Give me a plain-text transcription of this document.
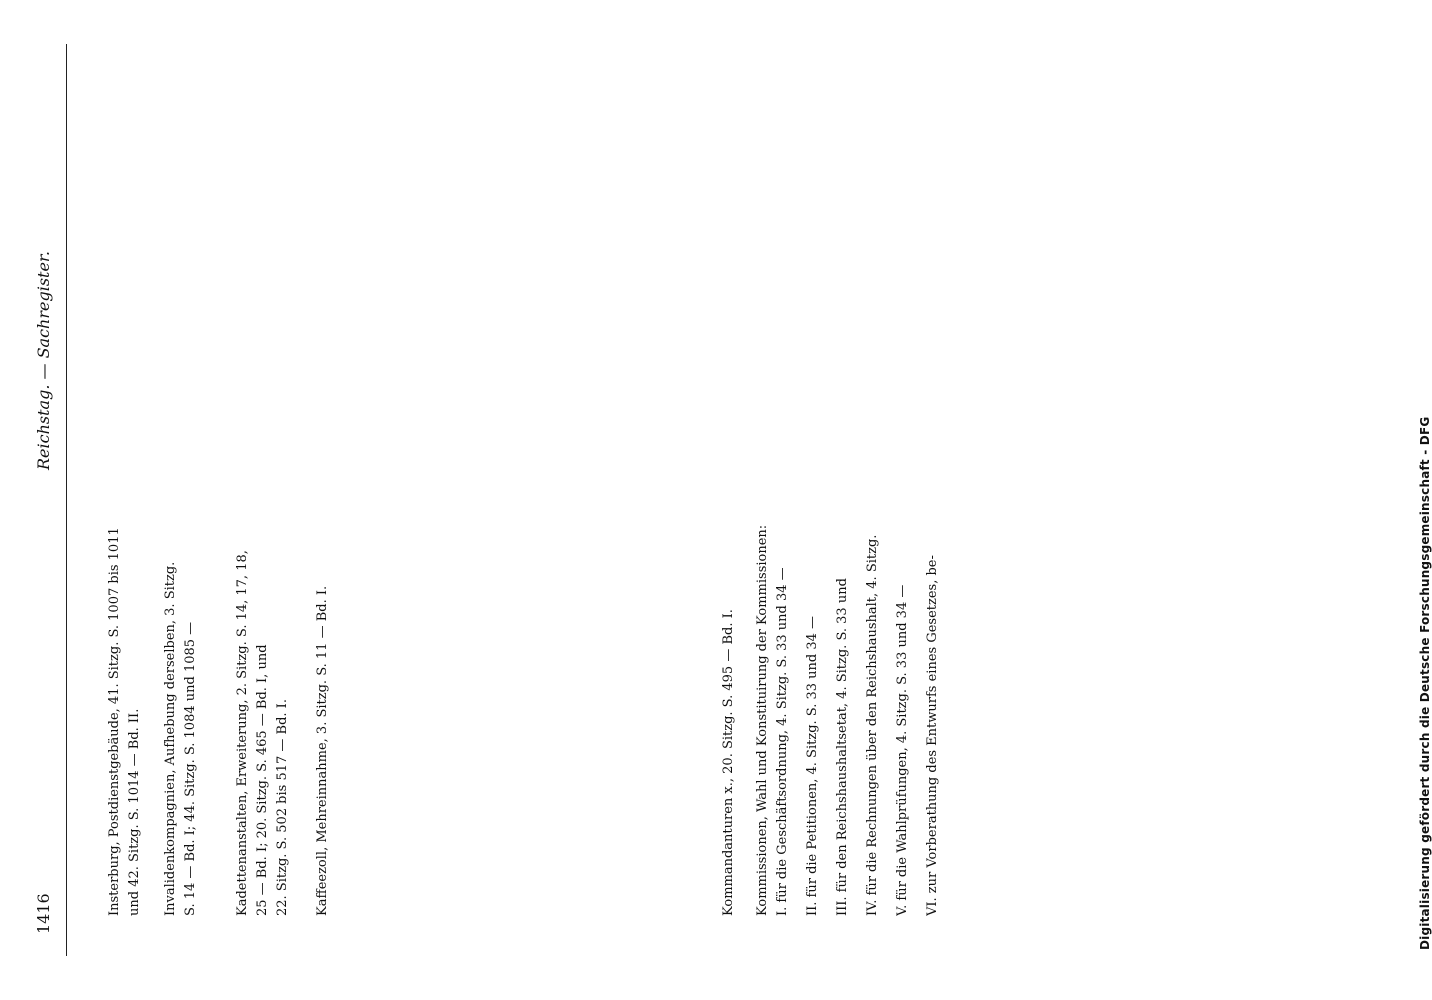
1416
Reichstag. — Sachregister.
Insterburg, Postdienstgebäude, 41. Sitzg. S. 1007 bis 1011 und 42. Sitzg. S. 1014 — Bd. II. Invalidenkompagnien, Aufhebung derselben, 3. Sitzg. S. 14 — Bd. I; 44. Sitzg. S. 1084 und 1085 —	Kadettenanstalten, Erweiterung, 2. Sitzg. S. 14, 17, 18, 25 — Bd. I; 20. Sitzg. S. 465 — Bd. I, und 22. Sitzg. S. 502 bis 517 — Bd. I. Kaffeezoll, Mehreinnahme, 3. Sitzg. S. 11 — Bd. I.	Kommandanturen x., 20. Sitzg. S. 495 — Bd. I. Kommissionen, Wahl und Konstituirung der Kommissionen: I. für die Geschäftsordnung, 4. Sitzg. S. 33 und 34 — II. für die Petitionen, 4. Sitzg. S. 33 und 34 — III. für den Reichshaushaltsetat, 4. Sitzg. S. 33 und IV. für die Rechnungen über den Reichshaushalt, 4. Sitzg. V. für die Wahlprüfungen, 4. Sitzg. S. 33 und 34 — VI. zur Vorberathung des Entwurfs eines Gesetzes, be-	Digitalisierung gefördert durch die Deutsche Forschungsgemeinschaft - DFG
